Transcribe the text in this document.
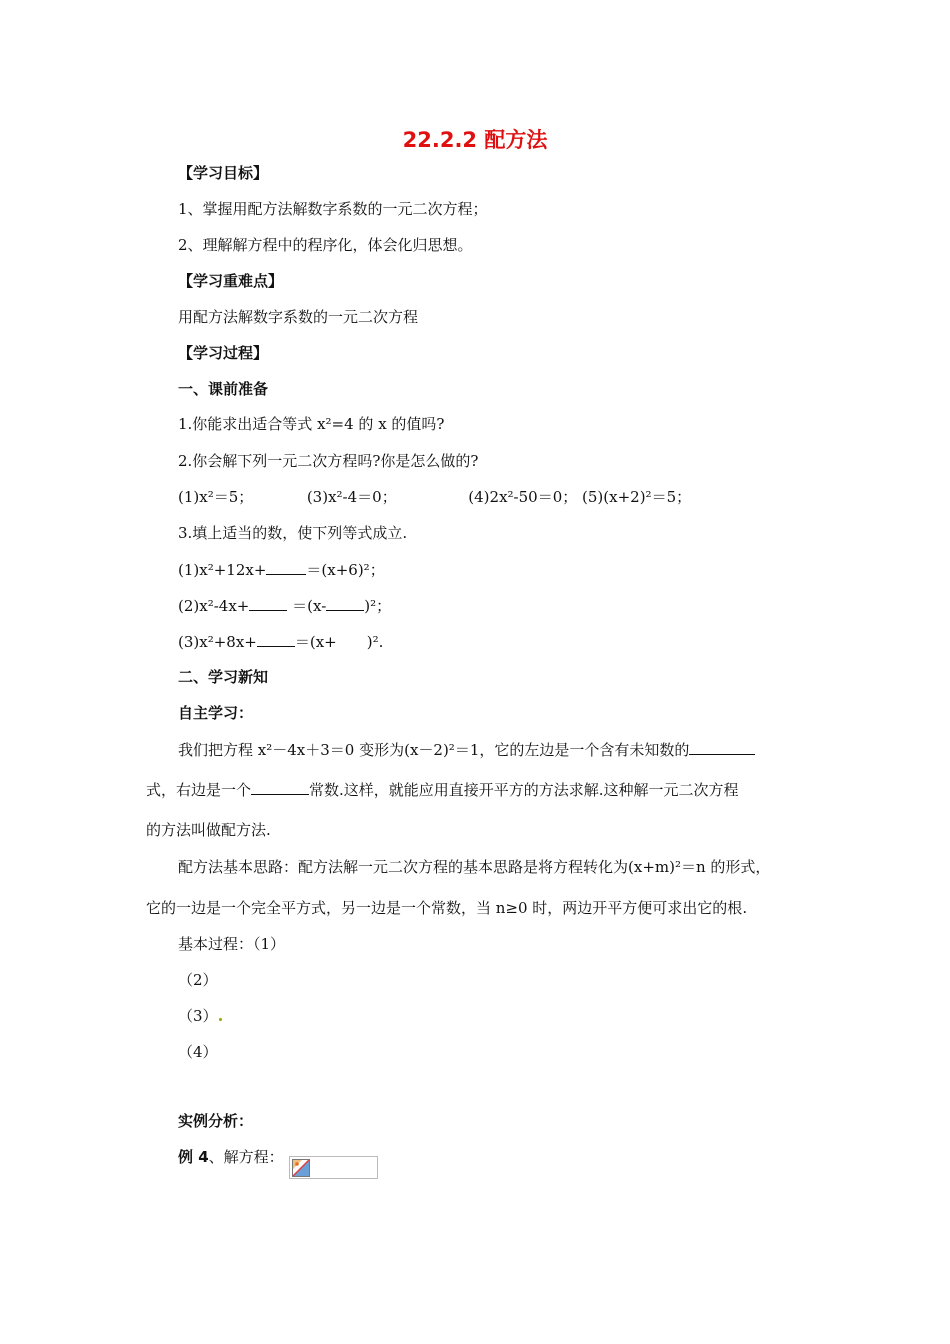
22.2.2 配方法
【学习目标】
1、掌握用配方法解数字系数的一元二次方程；
2、理解解方程中的程序化，体会化归思想。
【学习重难点】
用配方法解数字系数的一元二次方程
【学习过程】
一、课前准备
1.你能求出适合等式 x²=4 的 x 的值吗?
2.你会解下列一元二次方程吗?你是怎么做的?
(1)x²＝5；	(3)x²-4＝0；	(4)2x²-50＝0； (5)(x+2)²＝5；
3.填上适当的数，使下列等式成立.
(1)x²+12x+	＝(x+6)²；
(2)x²-4x+	＝(x-	)²；
(3)x²+8x+	＝(x+ )².
二、学习新知
自主学习：
我们把方程 x²－4x＋3＝0 变形为(x－2)²＝1，它的左边是一个含有未知数的
式，右边是一个	常数.这样，就能应用直接开平方的方法求解.这种解一元二次方程
的方法叫做配方法.
配方法基本思路：配方法解一元二次方程的基本思路是将方程转化为(x+m)²＝n 的形式，
它的一边是一个完全平方式，另一边是一个常数，当 n≥0 时，两边开平方便可求出它的根.
基本过程：（1）
（2）
（3）
（4）
实例分析：
例 4、解方程：
